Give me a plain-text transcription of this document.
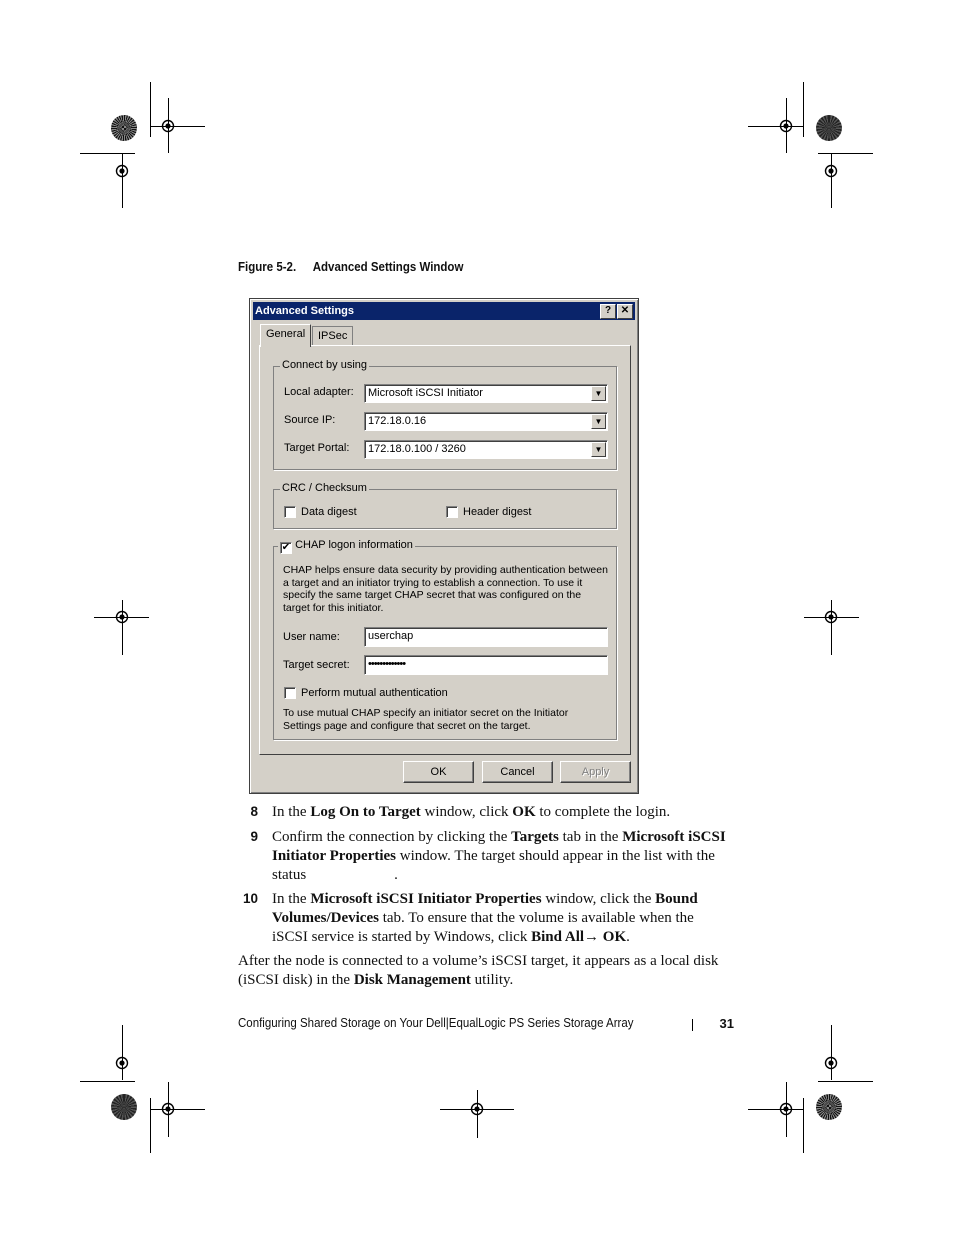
Figure 5-2. Advanced Settings Window
Advanced Settings	? ✕
General	IPSec
Connect by using
Local adapter:	Microsoft iSCSI Initiator	▼
Source IP:	172.18.0.16	▼
Target Portal:	172.18.0.100 / 3260	▼
CRC / Checksum
Data digest	Header digest
✔ CHAP logon information
CHAP helps ensure data security by providing authentication between a target and an initiator trying to establish a connection. To use it specify the same target CHAP secret that was configured on the target for this initiator.
User name:	userchap
Target secret:	•••••••••••••
Perform mutual authentication
To use mutual CHAP specify an initiator secret on the Initiator Settings page and configure that secret on the target.
OK	Cancel	Apply
8 In the Log On to Target window, click OK to complete the login.
9 Confirm the connection by clicking the Targets tab in the Microsoft iSCSI Initiator Properties window. The target should appear in the list with the status	.
10 In the Microsoft iSCSI Initiator Properties window, click the Bound Volumes/Devices tab. To ensure that the volume is available when the iSCSI service is started by Windows, click Bind All→ OK.
After the node is connected to a volume’s iSCSI target, it appears as a local disk (iSCSI disk) in the Disk Management utility.
Configuring Shared Storage on Your Dell|EqualLogic PS Series Storage Array	31
